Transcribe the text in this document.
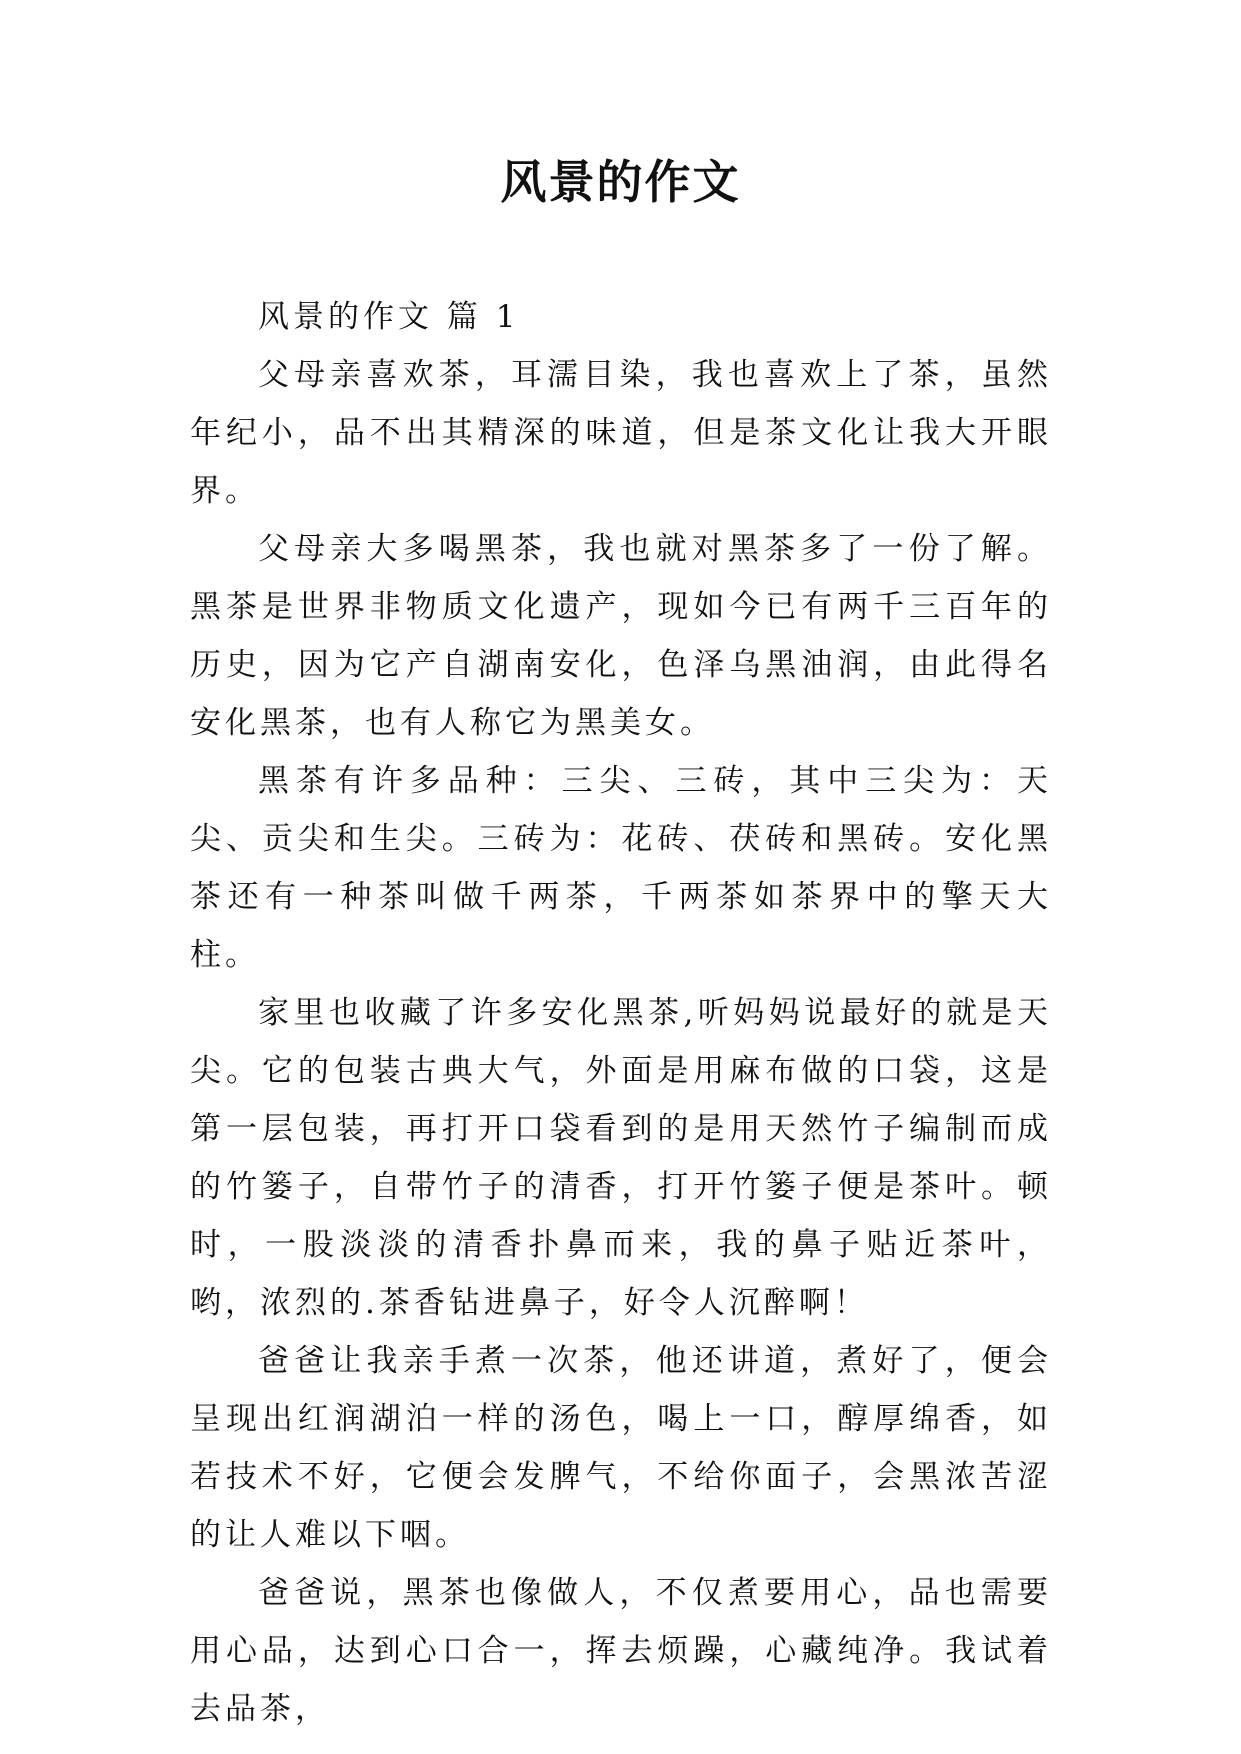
风景的作文

风景的作文 篇 1

父母亲喜欢茶，耳濡目染，我也喜欢上了茶，虽然年纪小，品不出其精深的味道，但是茶文化让我大开眼界。

父母亲大多喝黑茶，我也就对黑茶多了一份了解。黑茶是世界非物质文化遗产，现如今已有两千三百年的历史，因为它产自湖南安化，色泽乌黑油润，由此得名安化黑茶，也有人称它为黑美女。

黑茶有许多品种：三尖、三砖，其中三尖为：天尖、贡尖和生尖。三砖为：花砖、茯砖和黑砖。安化黑茶还有一种茶叫做千两茶，千两茶如茶界中的擎天大柱。

家里也收藏了许多安化黑茶,听妈妈说最好的就是天尖。它的包装古典大气，外面是用麻布做的口袋，这是第一层包装，再打开口袋看到的是用天然竹子编制而成的竹篓子，自带竹子的清香，打开竹篓子便是茶叶。顿时，一股淡淡的清香扑鼻而来，我的鼻子贴近茶叶，哟，浓烈的.茶香钻进鼻子，好令人沉醉啊！

爸爸让我亲手煮一次茶，他还讲道，煮好了，便会呈现出红润湖泊一样的汤色，喝上一口，醇厚绵香，如若技术不好，它便会发脾气，不给你面子，会黑浓苦涩的让人难以下咽。

爸爸说，黑茶也像做人，不仅煮要用心，品也需要用心品，达到心口合一，挥去烦躁，心藏纯净。我试着去品茶，
